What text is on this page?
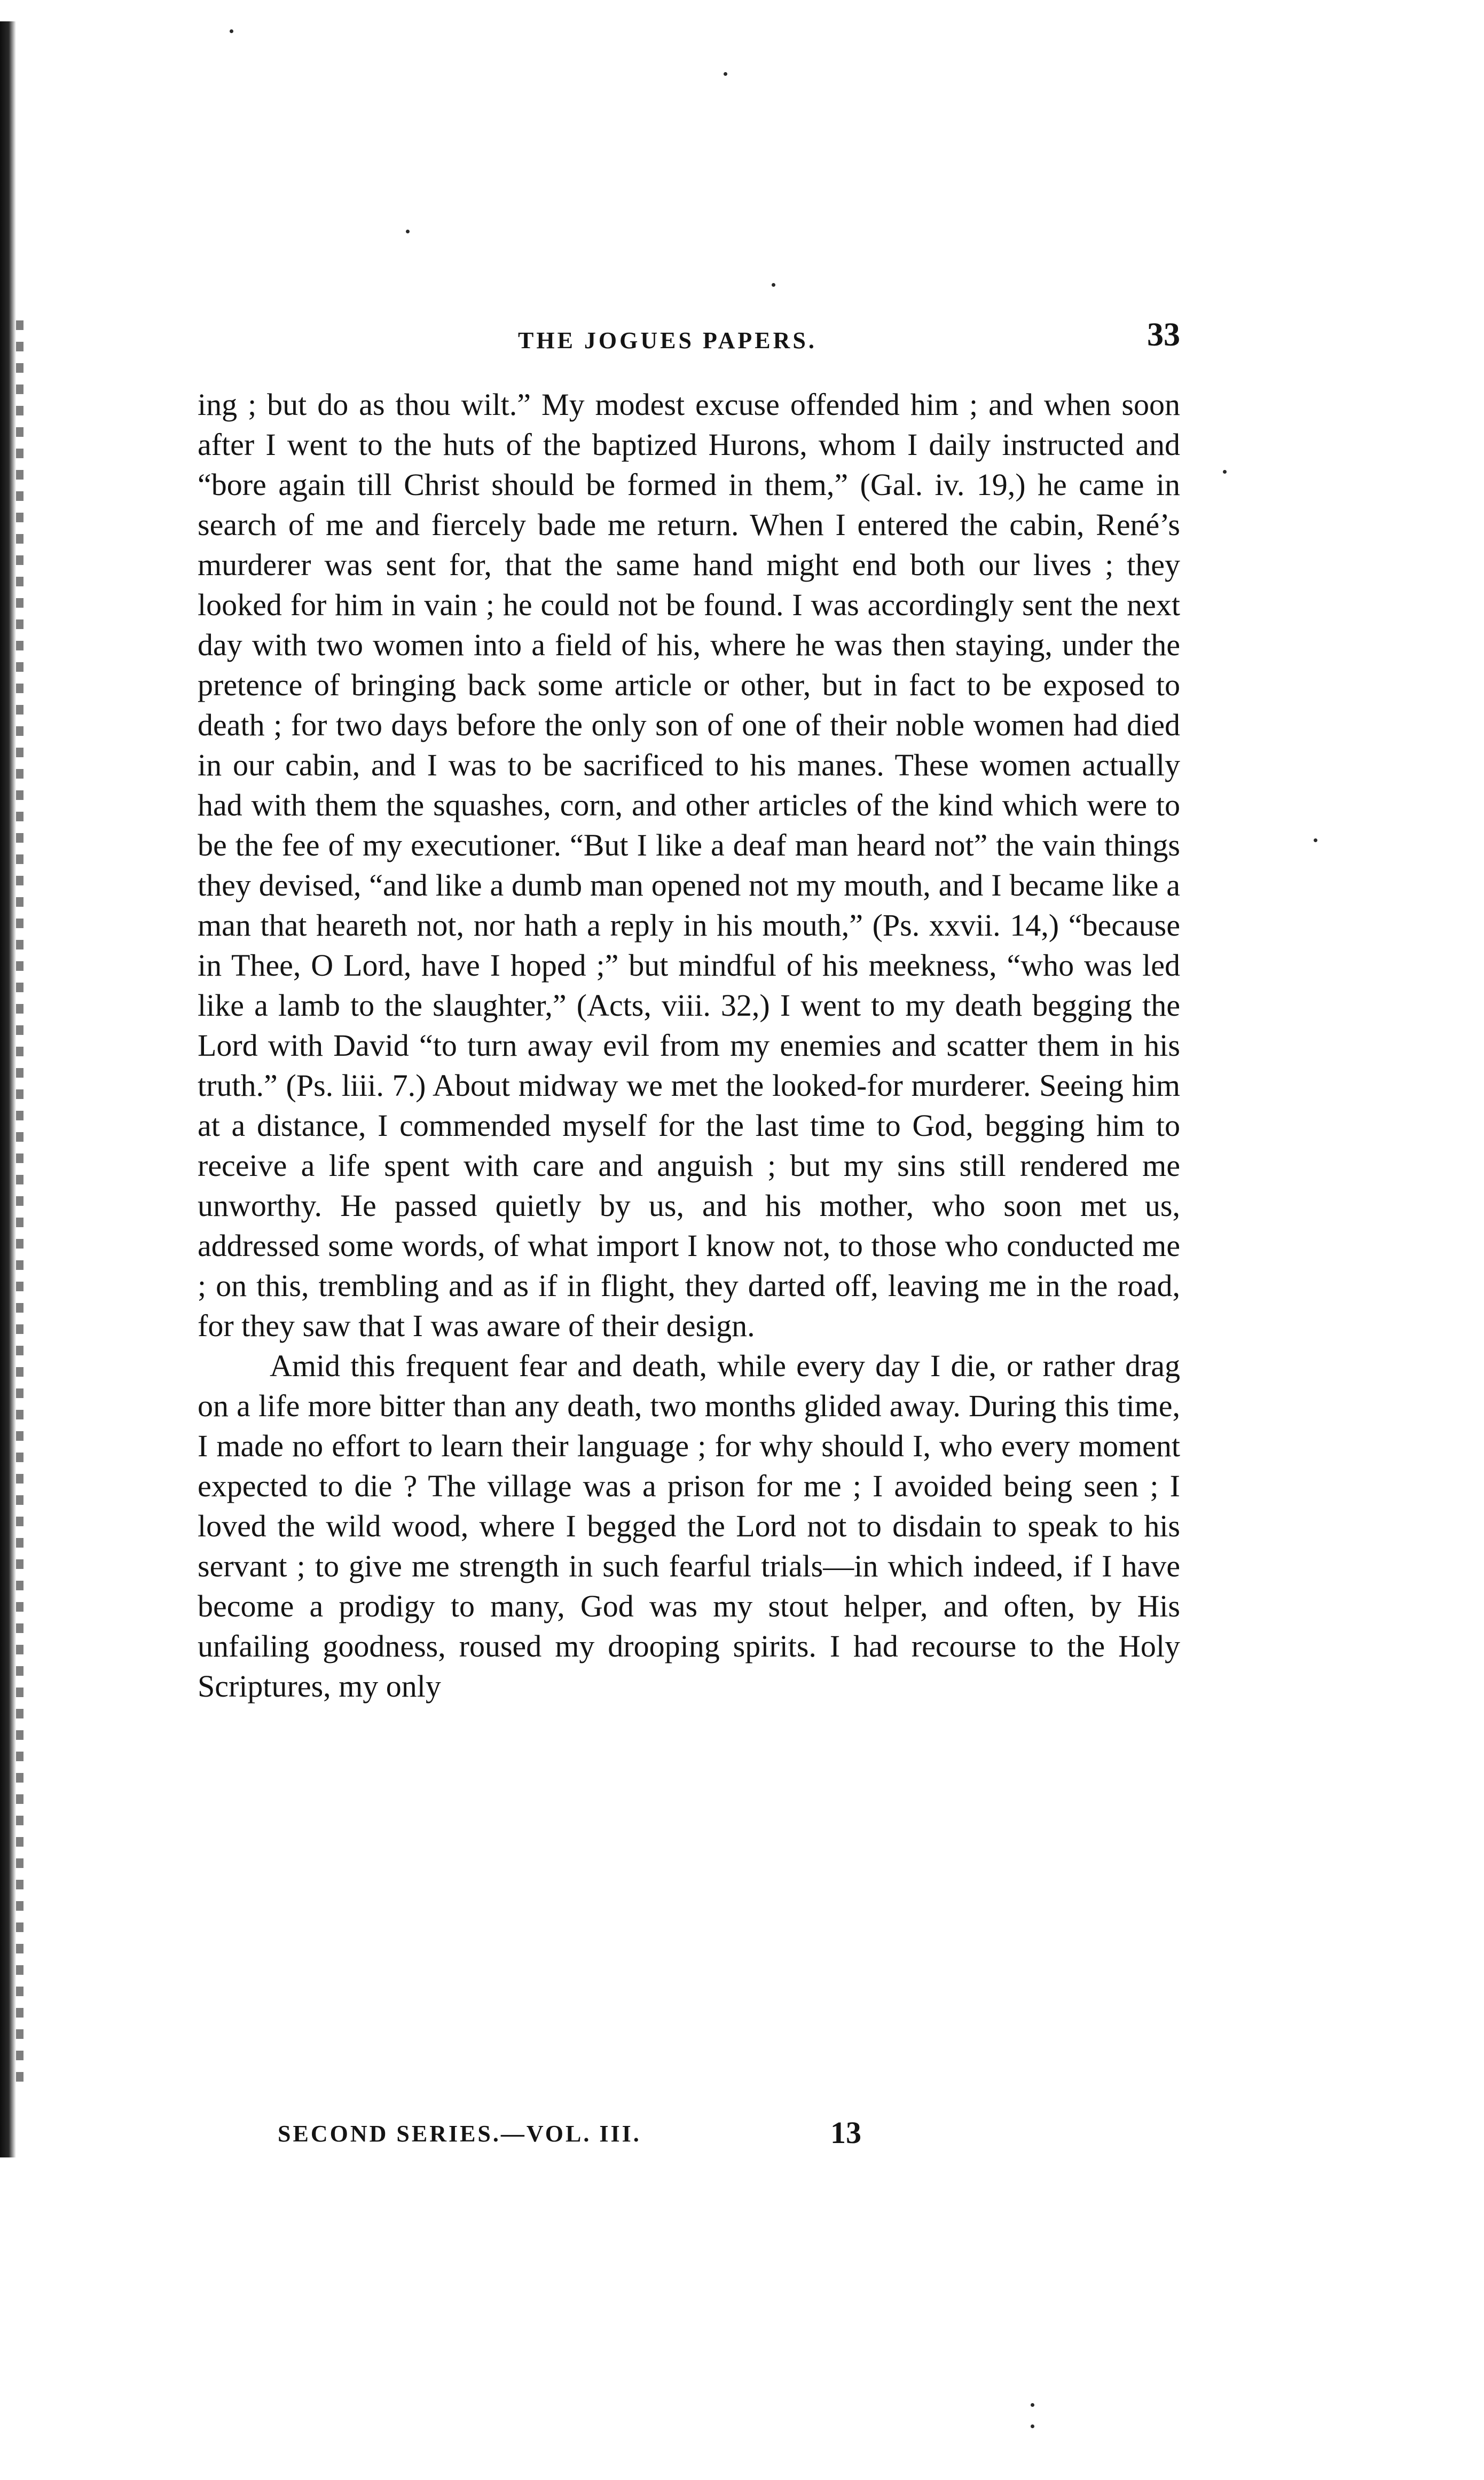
THE JOGUES PAPERS.	33

ing ; but do as thou wilt.” My modest excuse offended him ; and when soon after I went to the huts of the baptized Hurons, whom I daily instructed and “bore again till Christ should be formed in them,” (Gal. iv. 19,) he came in search of me and fiercely bade me return. When I entered the cabin, René’s murderer was sent for, that the same hand might end both our lives ; they looked for him in vain ; he could not be found. I was accordingly sent the next day with two women into a field of his, where he was then staying, under the pretence of bringing back some article or other, but in fact to be exposed to death ; for two days before the only son of one of their noble women had died in our cabin, and I was to be sacrificed to his manes. These women actually had with them the squashes, corn, and other articles of the kind which were to be the fee of my executioner. “But I like a deaf man heard not” the vain things they devised, “and like a dumb man opened not my mouth, and I became like a man that heareth not, nor hath a reply in his mouth,” (Ps. xxvii. 14,) “because in Thee, O Lord, have I hoped ;” but mindful of his meekness, “who was led like a lamb to the slaughter,” (Acts, viii. 32,) I went to my death begging the Lord with David “to turn away evil from my enemies and scatter them in his truth.” (Ps. liii. 7.) About midway we met the looked-for murderer. Seeing him at a distance, I commended myself for the last time to God, begging him to receive a life spent with care and anguish ; but my sins still rendered me unworthy. He passed quietly by us, and his mother, who soon met us, addressed some words, of what import I know not, to those who conducted me ; on this, trembling and as if in flight, they darted off, leaving me in the road, for they saw that I was aware of their design.

Amid this frequent fear and death, while every day I die, or rather drag on a life more bitter than any death, two months glided away. During this time, I made no effort to learn their language ; for why should I, who every moment expected to die ? The village was a prison for me ; I avoided being seen ; I loved the wild wood, where I begged the Lord not to disdain to speak to his servant ; to give me strength in such fearful trials—in which indeed, if I have become a prodigy to many, God was my stout helper, and often, by His unfailing goodness, roused my drooping spirits. I had recourse to the Holy Scriptures, my only

SECOND SERIES.—VOL. III.	13
